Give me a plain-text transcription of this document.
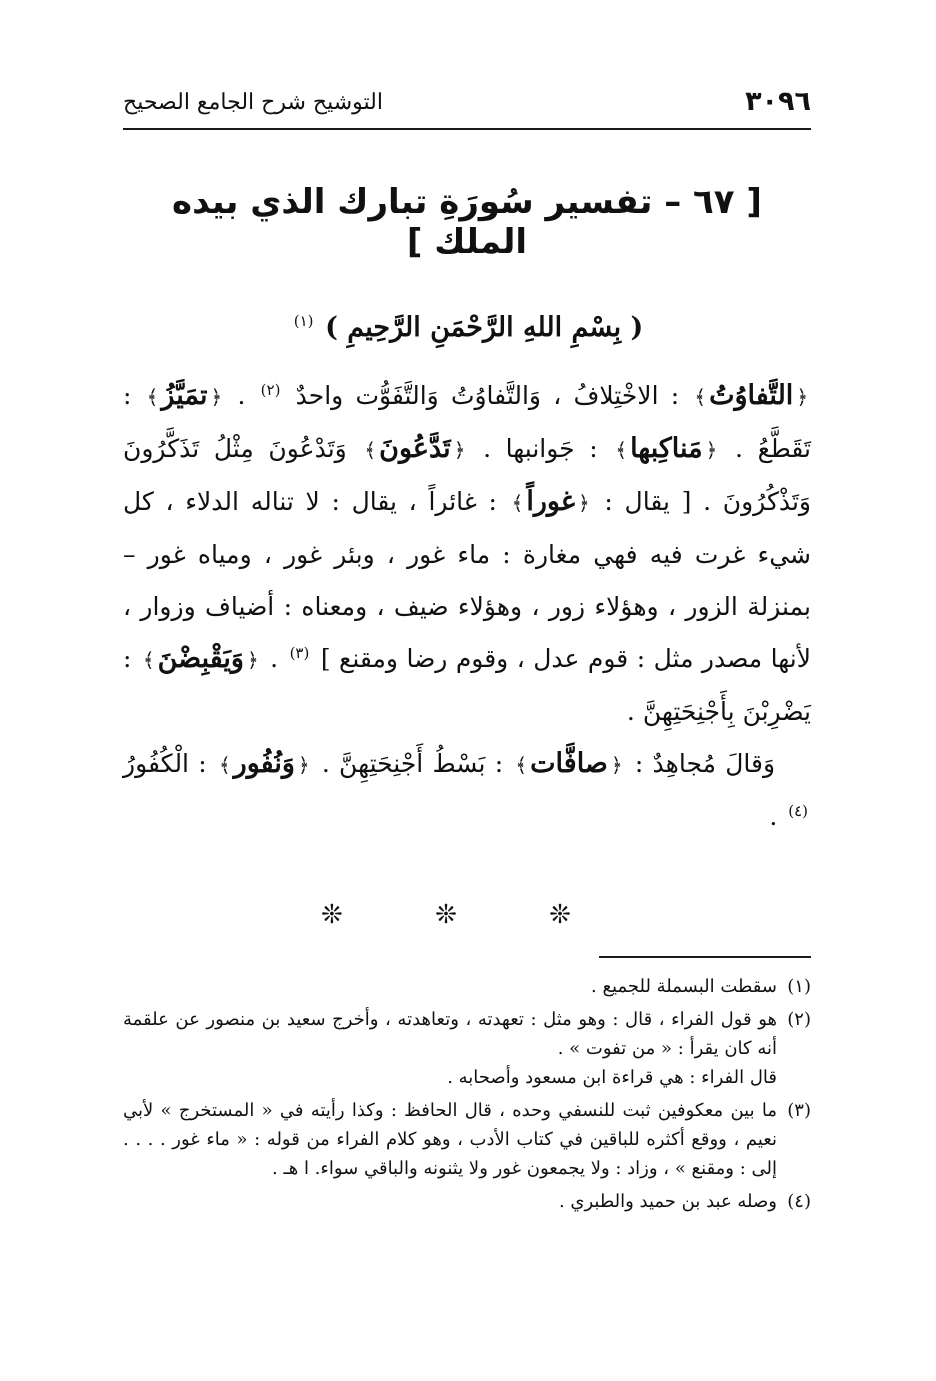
٣٠٩٦
التوشيح شرح الجامع الصحيح
[ ٦٧ – تفسير سُورَةِ تبارك الذي بيده الملك ]
( بِسْمِ اللهِ الرَّحْمَنِ الرَّحِيمِ ) $^{(١)}$

﴿التَّفاوُتُ﴾ : الاخْتِلافُ ، وَالتَّفاوُتُ وَالتَّفَوُّت واحدٌ $^{(٢)}$ . ﴿تمَيَّزُ﴾ : تَقَطَّعُ . ﴿مَناكِبها﴾ : جَوانبها . ﴿تَدَّعُونَ﴾ وَتَدْعُونَ مِثْلُ تَذَكَّرُونَ وَتَذْكُرُونَ . [ يقال : ﴿غوراً﴾ : غائراً ، يقال : لا تناله الدلاء ، كل شيء غرت فيه فهي مغارة : ماء غور ، وبئر غور ، ومياه غور – بمنزلة الزور ، وهؤلاء زور ، وهؤلاء ضيف ، ومعناه : أضياف وزوار ، لأنها مصدر مثل : قوم عدل ، وقوم رضا ومقنع ] $^{(٣)}$ . ﴿وَيَقْبِضْنَ﴾ : يَضْرِبْنَ بِأَجْنِحَتِهِنَّ .

وَقالَ مُجاهِدٌ : ﴿صافَّات﴾ : بَسْطُ أَجْنِحَتِهِنَّ . ﴿وَنُفُور﴾ : الْكُفُورُ $^{(٤)}$ .

❊ ❊ ❊
(١)

سقطت البسملة للجميع .

(٢)

هو قول الفراء ، قال : وهو مثل : تعهدته ، وتعاهدته ، وأخرج سعيد بن منصور عن علقمة أنه كان يقرأ : « من تفوت » .

قال الفراء : هي قراءة ابن مسعود وأصحابه .

(٣)

ما بين معكوفين ثبت للنسفي وحده ، قال الحافظ : وكذا رأيته في « المستخرج » لأبي نعيم ، ووقع أكثره للباقين في كتاب الأدب ، وهو كلام الفراء من قوله : « ماء غور . . . . إلى : ومقنع » ، وزاد : ولا يجمعون غور ولا يثنونه والباقي سواء. ا هـ .

(٤)

وصله عبد بن حميد والطبري .
